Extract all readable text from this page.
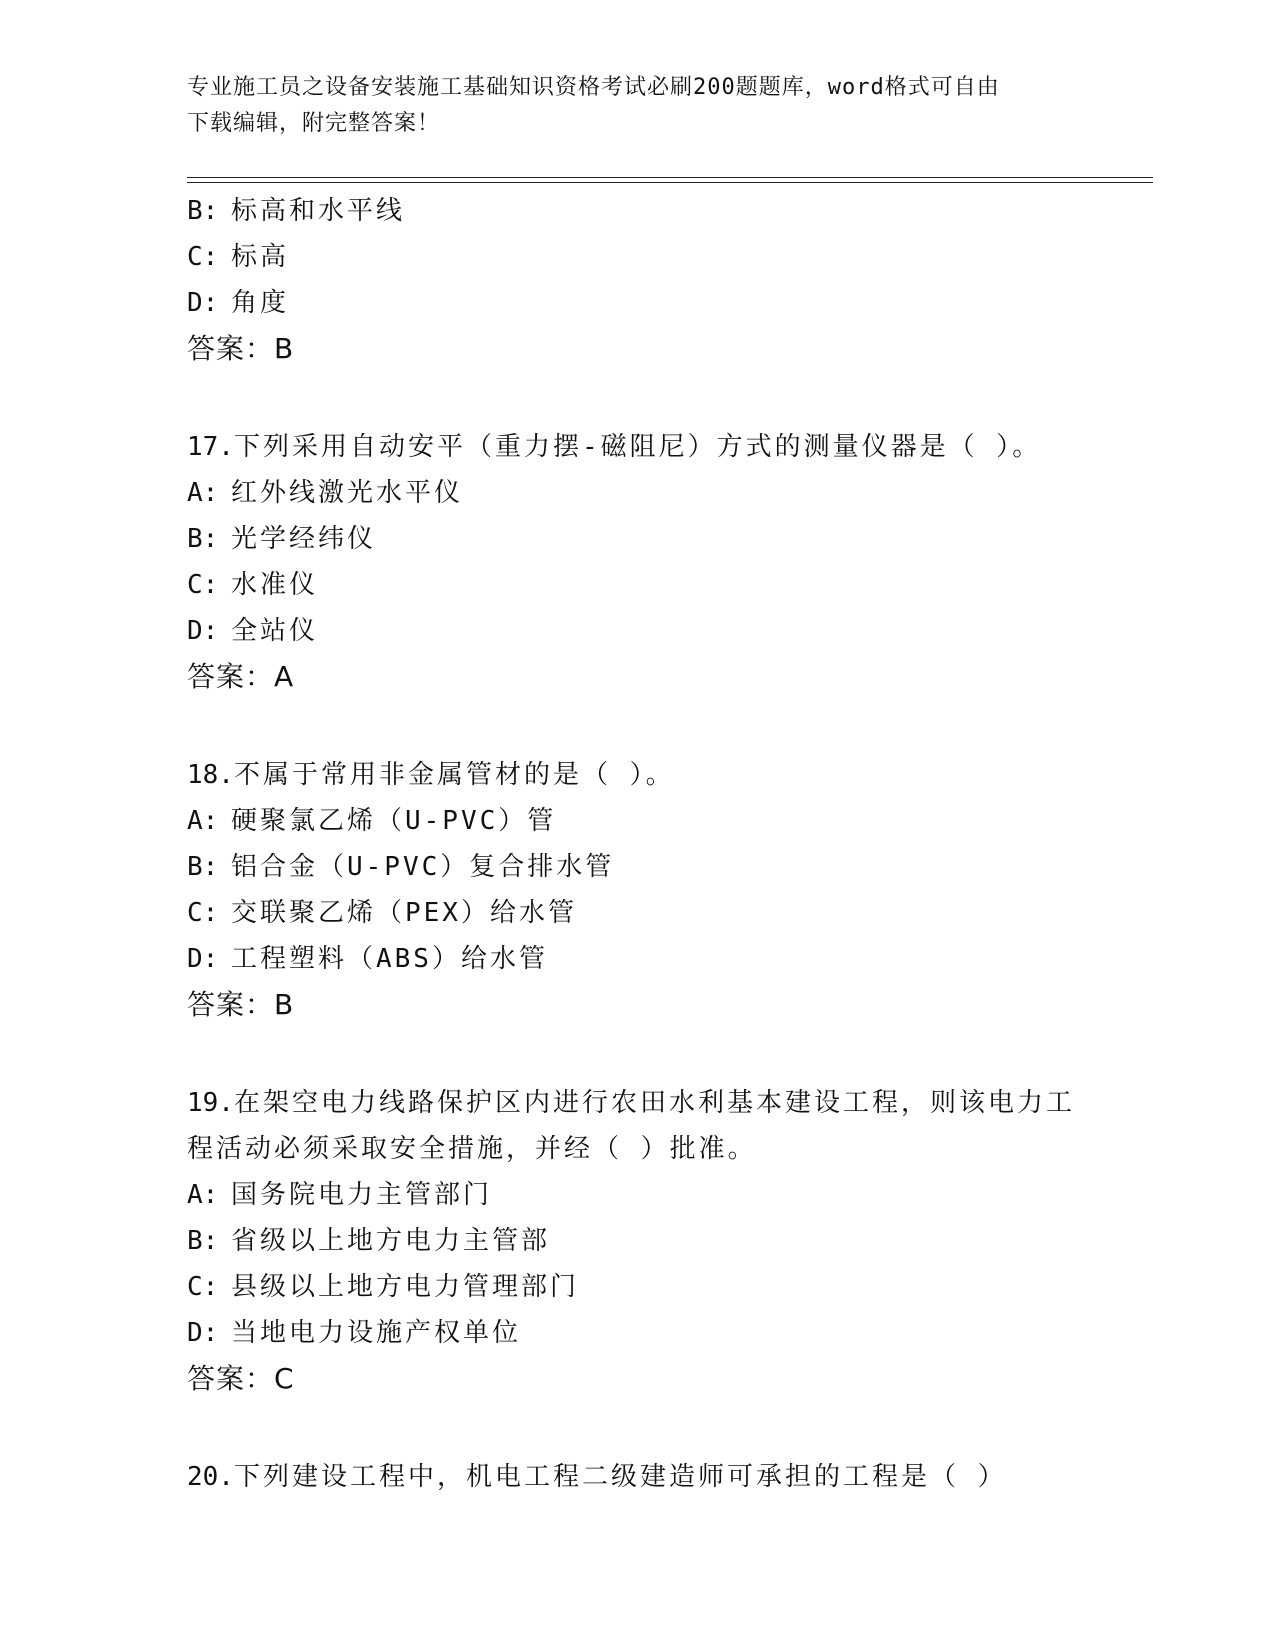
专业施工员之设备安装施工基础知识资格考试必刷200题题库，word格式可自由
下载编辑，附完整答案！
B: 标高和水平线
C: 标高
D: 角度
答案：B
17.下列采用自动安平（重力摆-磁阻尼）方式的测量仪器是（ ）。
A: 红外线激光水平仪
B: 光学经纬仪
C: 水准仪
D: 全站仪
答案：A
18.不属于常用非金属管材的是（ ）。
A: 硬聚氯乙烯（U-PVC）管
B: 铝合金（U-PVC）复合排水管
C: 交联聚乙烯（PEX）给水管
D: 工程塑料（ABS）给水管
答案：B
19.在架空电力线路保护区内进行农田水利基本建设工程，则该电力工
程活动必须采取安全措施，并经（ ）批准。
A: 国务院电力主管部门
B: 省级以上地方电力主管部
C: 县级以上地方电力管理部门
D: 当地电力设施产权单位
答案：C
20.下列建设工程中，机电工程二级建造师可承担的工程是（ ）
